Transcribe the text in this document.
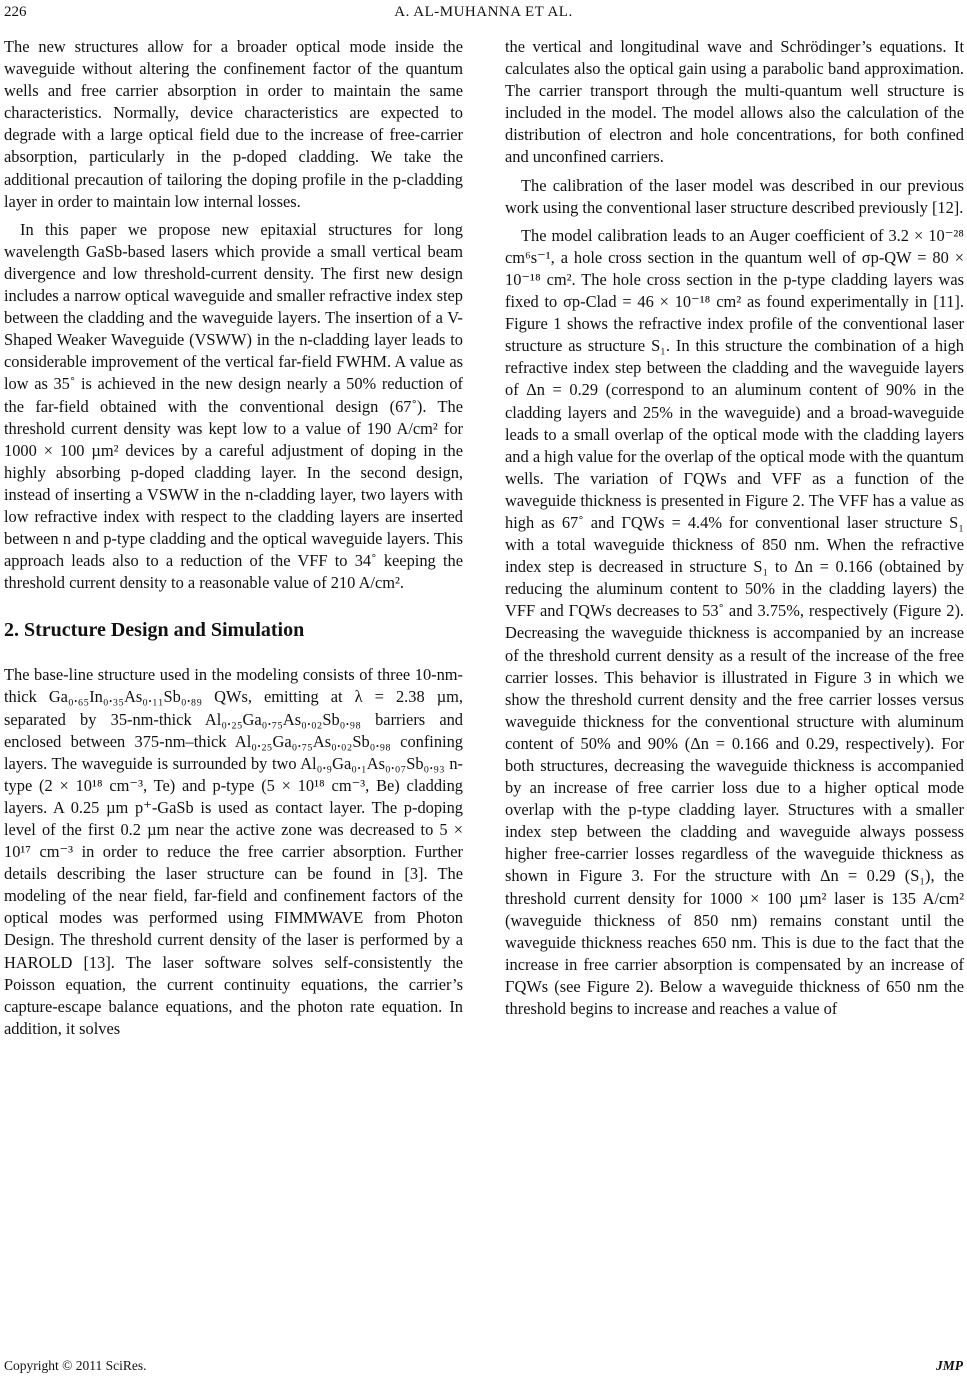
226	A. AL-MUHANNA ET AL.

The new structures allow for a broader optical mode inside the waveguide without altering the confinement factor of the quantum wells and free carrier absorption in order to maintain the same characteristics. Normally, device characteristics are expected to degrade with a large optical field due to the increase of free-carrier absorption, particularly in the p-doped cladding. We take the additional precaution of tailoring the doping profile in the p-cladding layer in order to maintain low internal losses.

In this paper we propose new epitaxial structures for long wavelength GaSb-based lasers which provide a small vertical beam divergence and low threshold-current density. The first new design includes a narrow optical waveguide and smaller refractive index step between the cladding and the waveguide layers. The insertion of a V-Shaped Weaker Waveguide (VSWW) in the n-cladding layer leads to considerable improvement of the vertical far-field FWHM. A value as low as 35˚ is achieved in the new design nearly a 50% reduction of the far-field obtained with the conventional design (67˚). The threshold current density was kept low to a value of 190 A/cm² for 1000 × 100 µm² devices by a careful adjustment of doping in the highly absorbing p-doped cladding layer. In the second design, instead of inserting a VSWW in the n-cladding layer, two layers with low refractive index with respect to the cladding layers are inserted between n and p-type cladding and the optical waveguide layers. This approach leads also to a reduction of the VFF to 34˚ keeping the threshold current density to a reasonable value of 210 A/cm².

2. Structure Design and Simulation

The base-line structure used in the modeling consists of three 10-nm-thick Ga₀.₆₅In₀.₃₅As₀.₁₁Sb₀.₈₉ QWs, emitting at λ = 2.38 µm, separated by 35-nm-thick Al₀.₂₅Ga₀.₇₅As₀.₀₂Sb₀.₉₈ barriers and enclosed between 375-nm–thick Al₀.₂₅Ga₀.₇₅As₀.₀₂Sb₀.₉₈ confining layers. The waveguide is surrounded by two Al₀.₉Ga₀.₁As₀.₀₇Sb₀.₉₃ n-type (2 × 10¹⁸ cm⁻³, Te) and p-type (5 × 10¹⁸ cm⁻³, Be) cladding layers. A 0.25 µm p⁺-GaSb is used as contact layer. The p-doping level of the first 0.2 µm near the active zone was decreased to 5 × 10¹⁷ cm⁻³ in order to reduce the free carrier absorption. Further details describing the laser structure can be found in [3]. The modeling of the near field, far-field and confinement factors of the optical modes was performed using FIMMWAVE from Photon Design. The threshold current density of the laser is performed by a HAROLD [13]. The laser software solves self-consistently the Poisson equation, the current continuity equations, the carrier’s capture-escape balance equations, and the photon rate equation. In addition, it solves

the vertical and longitudinal wave and Schrödinger’s equations. It calculates also the optical gain using a parabolic band approximation. The carrier transport through the multi-quantum well structure is included in the model. The model allows also the calculation of the distribution of electron and hole concentrations, for both confined and unconfined carriers.

The calibration of the laser model was described in our previous work using the conventional laser structure described previously [12].

The model calibration leads to an Auger coefficient of 3.2 × 10⁻²⁸ cm⁶s⁻¹, a hole cross section in the quantum well of σp-QW = 80 × 10⁻¹⁸ cm². The hole cross section in the p-type cladding layers was fixed to σp-Clad = 46 × 10⁻¹⁸ cm² as found experimentally in [11]. Figure 1 shows the refractive index profile of the conventional laser structure as structure S₁. In this structure the combination of a high refractive index step between the cladding and the waveguide layers of Δn = 0.29 (correspond to an aluminum content of 90% in the cladding layers and 25% in the waveguide) and a broad-waveguide leads to a small overlap of the optical mode with the cladding layers and a high value for the overlap of the optical mode with the quantum wells. The variation of ΓQWs and VFF as a function of the waveguide thickness is presented in Figure 2. The VFF has a value as high as 67˚ and ΓQWs = 4.4% for conventional laser structure S₁ with a total waveguide thickness of 850 nm. When the refractive index step is decreased in structure S₁ to Δn = 0.166 (obtained by reducing the aluminum content to 50% in the cladding layers) the VFF and ΓQWs decreases to 53˚ and 3.75%, respectively (Figure 2). Decreasing the waveguide thickness is accompanied by an increase of the threshold current density as a result of the increase of the free carrier losses. This behavior is illustrated in Figure 3 in which we show the threshold current density and the free carrier losses versus waveguide thickness for the conventional structure with aluminum content of 50% and 90% (Δn = 0.166 and 0.29, respectively). For both structures, decreasing the waveguide thickness is accompanied by an increase of free carrier loss due to a higher optical mode overlap with the p-type cladding layer. Structures with a smaller index step between the cladding and waveguide always possess higher free-carrier losses regardless of the waveguide thickness as shown in Figure 3. For the structure with Δn = 0.29 (S₁), the threshold current density for 1000 × 100 µm² laser is 135 A/cm² (waveguide thickness of 850 nm) remains constant until the waveguide thickness reaches 650 nm. This is due to the fact that the increase in free carrier absorption is compensated by an increase of ΓQWs (see Figure 2). Below a waveguide thickness of 650 nm the threshold begins to increase and reaches a value of

Copyright © 2011 SciRes.	JMP
